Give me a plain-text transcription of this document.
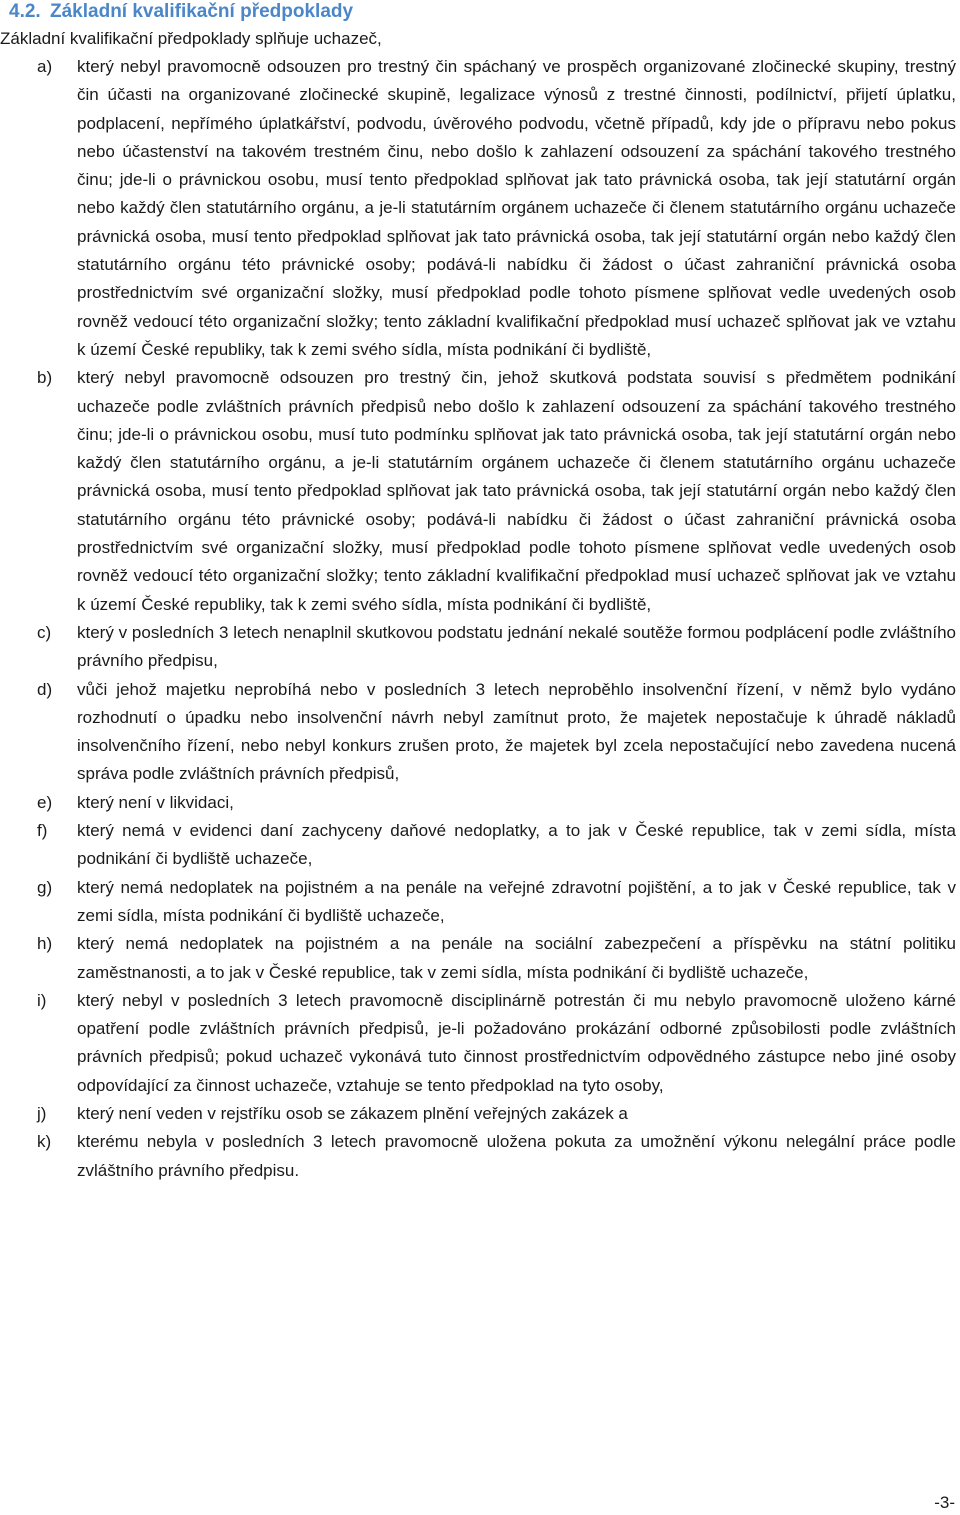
4.2. Základní kvalifikační předpoklady
Základní kvalifikační předpoklady splňuje uchazeč,
a) který nebyl pravomocně odsouzen pro trestný čin spáchaný ve prospěch organizované zločinecké skupiny, trestný čin účasti na organizované zločinecké skupině, legalizace výnosů z trestné činnosti, podílnictví, přijetí úplatku, podplacení, nepřímého úplatkářství, podvodu, úvěrového podvodu, včetně případů, kdy jde o přípravu nebo pokus nebo účastenství na takovém trestném činu, nebo došlo k zahlazení odsouzení za spáchání takového trestného činu; jde-li o právnickou osobu, musí tento předpoklad splňovat jak tato právnická osoba, tak její statutární orgán nebo každý člen statutárního orgánu, a je-li statutárním orgánem uchazeče či členem statutárního orgánu uchazeče právnická osoba, musí tento předpoklad splňovat jak tato právnická osoba, tak její statutární orgán nebo každý člen statutárního orgánu této právnické osoby; podává-li nabídku či žádost o účast zahraniční právnická osoba prostřednictvím své organizační složky, musí předpoklad podle tohoto písmene splňovat vedle uvedených osob rovněž vedoucí této organizační složky; tento základní kvalifikační předpoklad musí uchazeč splňovat jak ve vztahu k území České republiky, tak k zemi svého sídla, místa podnikání či bydliště,
b) který nebyl pravomocně odsouzen pro trestný čin, jehož skutková podstata souvisí s předmětem podnikání uchazeče podle zvláštních právních předpisů nebo došlo k zahlazení odsouzení za spáchání takového trestného činu; jde-li o právnickou osobu, musí tuto podmínku splňovat jak tato právnická osoba, tak její statutární orgán nebo každý člen statutárního orgánu, a je-li statutárním orgánem uchazeče či členem statutárního orgánu uchazeče právnická osoba, musí tento předpoklad splňovat jak tato právnická osoba, tak její statutární orgán nebo každý člen statutárního orgánu této právnické osoby; podává-li nabídku či žádost o účast zahraniční právnická osoba prostřednictvím své organizační složky, musí předpoklad podle tohoto písmene splňovat vedle uvedených osob rovněž vedoucí této organizační složky; tento základní kvalifikační předpoklad musí uchazeč splňovat jak ve vztahu k území České republiky, tak k zemi svého sídla, místa podnikání či bydliště,
c) který v posledních 3 letech nenaplnil skutkovou podstatu jednání nekalé soutěže formou podplácení podle zvláštního právního předpisu,
d) vůči jehož majetku neprobíhá nebo v posledních 3 letech neproběhlo insolvenční řízení, v němž bylo vydáno rozhodnutí o úpadku nebo insolvenční návrh nebyl zamítnut proto, že majetek nepostačuje k úhradě nákladů insolvenčního řízení, nebo nebyl konkurs zrušen proto, že majetek byl zcela nepostačující nebo zavedena nucená správa podle zvláštních právních předpisů,
e) který není v likvidaci,
f) který nemá v evidenci daní zachyceny daňové nedoplatky, a to jak v České republice, tak v zemi sídla, místa podnikání či bydliště uchazeče,
g) který nemá nedoplatek na pojistném a na penále na veřejné zdravotní pojištění, a to jak v České republice, tak v zemi sídla, místa podnikání či bydliště uchazeče,
h) který nemá nedoplatek na pojistném a na penále na sociální zabezpečení a příspěvku na státní politiku zaměstnanosti, a to jak v České republice, tak v zemi sídla, místa podnikání či bydliště uchazeče,
i) který nebyl v posledních 3 letech pravomocně disciplinárně potrestán či mu nebylo pravomocně uloženo kárné opatření podle zvláštních právních předpisů, je-li požadováno prokázání odborné způsobilosti podle zvláštních právních předpisů; pokud uchazeč vykonává tuto činnost prostřednictvím odpovědného zástupce nebo jiné osoby odpovídající za činnost uchazeče, vztahuje se tento předpoklad na tyto osoby,
j) který není veden v rejstříku osob se zákazem plnění veřejných zakázek a
k) kterému nebyla v posledních 3 letech pravomocně uložena pokuta za umožnění výkonu nelegální práce podle zvláštního právního předpisu.
-3-
